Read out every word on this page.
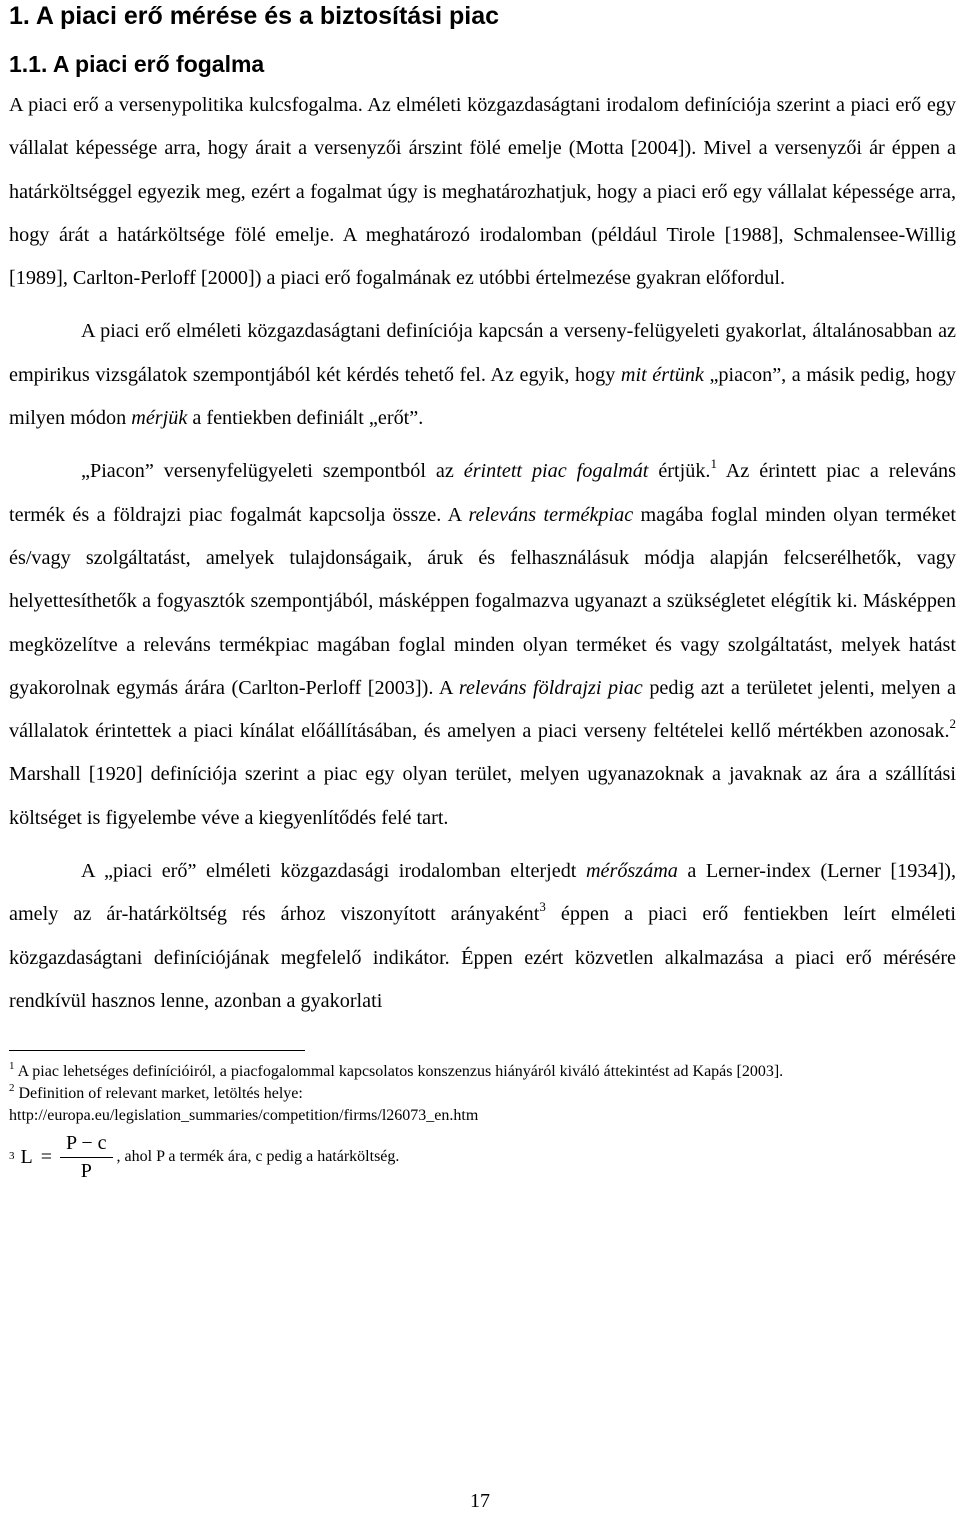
1. A piaci erő mérése és a biztosítási piac
1.1. A piaci erő fogalma

A piaci erő a versenypolitika kulcsfogalma. Az elméleti közgazdaságtani irodalom definíciója szerint a piaci erő egy vállalat képessége arra, hogy árait a versenyzői árszint fölé emelje (Motta [2004]). Mivel a versenyzői ár éppen a határköltséggel egyezik meg, ezért a fogalmat úgy is meghatározhatjuk, hogy a piaci erő egy vállalat képessége arra, hogy árát a határköltsége fölé emelje. A meghatározó irodalomban (például Tirole [1988], Schmalensee-Willig [1989], Carlton-Perloff [2000]) a piaci erő fogalmának ez utóbbi értelmezése gyakran előfordul.

A piaci erő elméleti közgazdaságtani definíciója kapcsán a verseny-felügyeleti gyakorlat, általánosabban az empirikus vizsgálatok szempontjából két kérdés tehető fel. Az egyik, hogy mit értünk „piacon”, a másik pedig, hogy milyen módon mérjük a fentiekben definiált „erőt”.

„Piacon” versenyfelügyeleti szempontból az érintett piac fogalmát értjük.$^1$ Az érintett piac a releváns termék és a földrajzi piac fogalmát kapcsolja össze. A releváns termékpiac magába foglal minden olyan terméket és/vagy szolgáltatást, amelyek tulajdonságaik, áruk és felhasználásuk módja alapján felcserélhetők, vagy helyettesíthetők a fogyasztók szempontjából, másképpen fogalmazva ugyanazt a szükségletet elégítik ki. Másképpen megközelítve a releváns termékpiac magában foglal minden olyan terméket és vagy szolgáltatást, melyek hatást gyakorolnak egymás árára (Carlton-Perloff [2003]). A releváns földrajzi piac pedig azt a területet jelenti, melyen a vállalatok érintettek a piaci kínálat előállításában, és amelyen a piaci verseny feltételei kellő mértékben azonosak.$^2$ Marshall [1920] definíciója szerint a piac egy olyan terület, melyen ugyanazoknak a javaknak az ára a szállítási költséget is figyelembe véve a kiegyenlítődés felé tart.

A „piaci erő” elméleti közgazdasági irodalomban elterjedt mérőszáma a Lerner-index (Lerner [1934]), amely az ár-határköltség rés árhoz viszonyított arányaként$^3$ éppen a piaci erő fentiekben leírt elméleti közgazdaságtani definíciójának megfelelő indikátor. Éppen ezért közvetlen alkalmazása a piaci erő mérésére rendkívül hasznos lenne, azonban a gyakorlati

$^1$ A piac lehetséges definícióiról, a piacfogalommal kapcsolatos konszenzus hiányáról kiváló áttekintést ad Kapás [2003].

$^2$ Definition of relevant market, letöltés helye:

http://europa.eu/legislation_summaries/competition/firms/l26073_en.htm

3 $L = \frac{P - c}{P}$ , ahol P a termék ára, c pedig a határköltség.
17
